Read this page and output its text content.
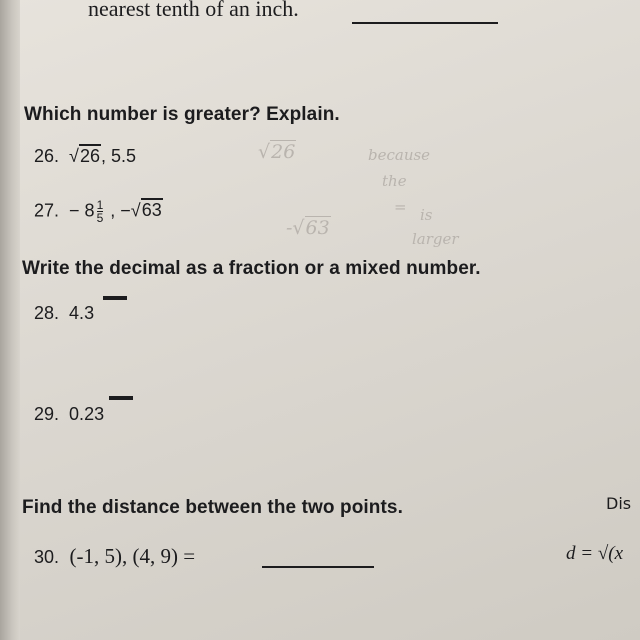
nearest tenth of an inch.
Which number is greater? Explain.
26. √26, 5.5
27. − $8 \frac{1}{5}$ , −√63
√26	because
the
-√63
= is
larger
Write the decimal as a fraction or a mixed number.
28. 4.3
29. 0.23
Find the distance between the two points.	Dis
30. (-1, 5), (4, 9) =	d = √(x
